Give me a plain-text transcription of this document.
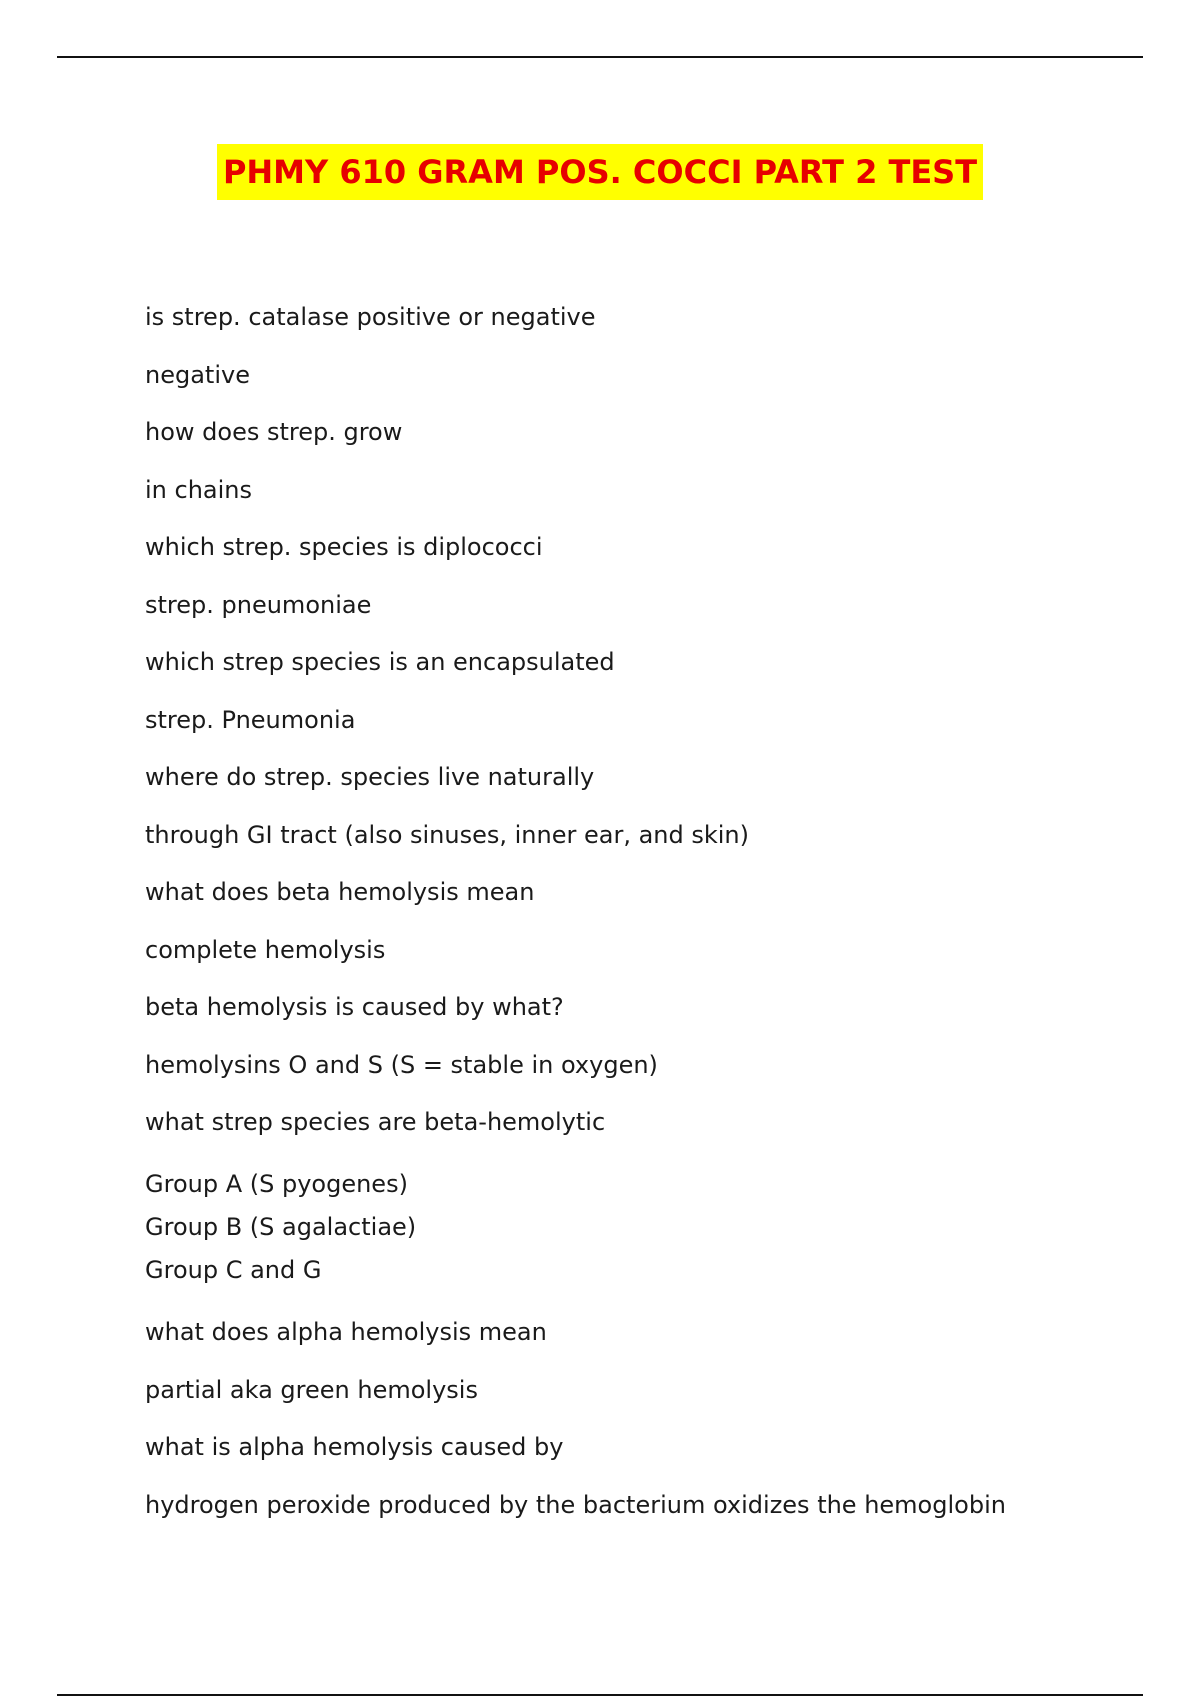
PHMY 610 GRAM POS. COCCI PART 2 TEST
is strep. catalase positive or negative
negative
how does strep. grow
in chains
which strep. species is diplococci
strep. pneumoniae
which strep species is an encapsulated
strep. Pneumonia
where do strep. species live naturally
through GI tract (also sinuses, inner ear, and skin)
what does beta hemolysis mean
complete hemolysis
beta hemolysis is caused by what?
hemolysins O and S (S = stable in oxygen)
what strep species are beta-hemolytic
Group A (S pyogenes)
Group B (S agalactiae)
Group C and G
what does alpha hemolysis mean
partial aka green hemolysis
what is alpha hemolysis caused by
hydrogen peroxide produced by the bacterium oxidizes the hemoglobin
